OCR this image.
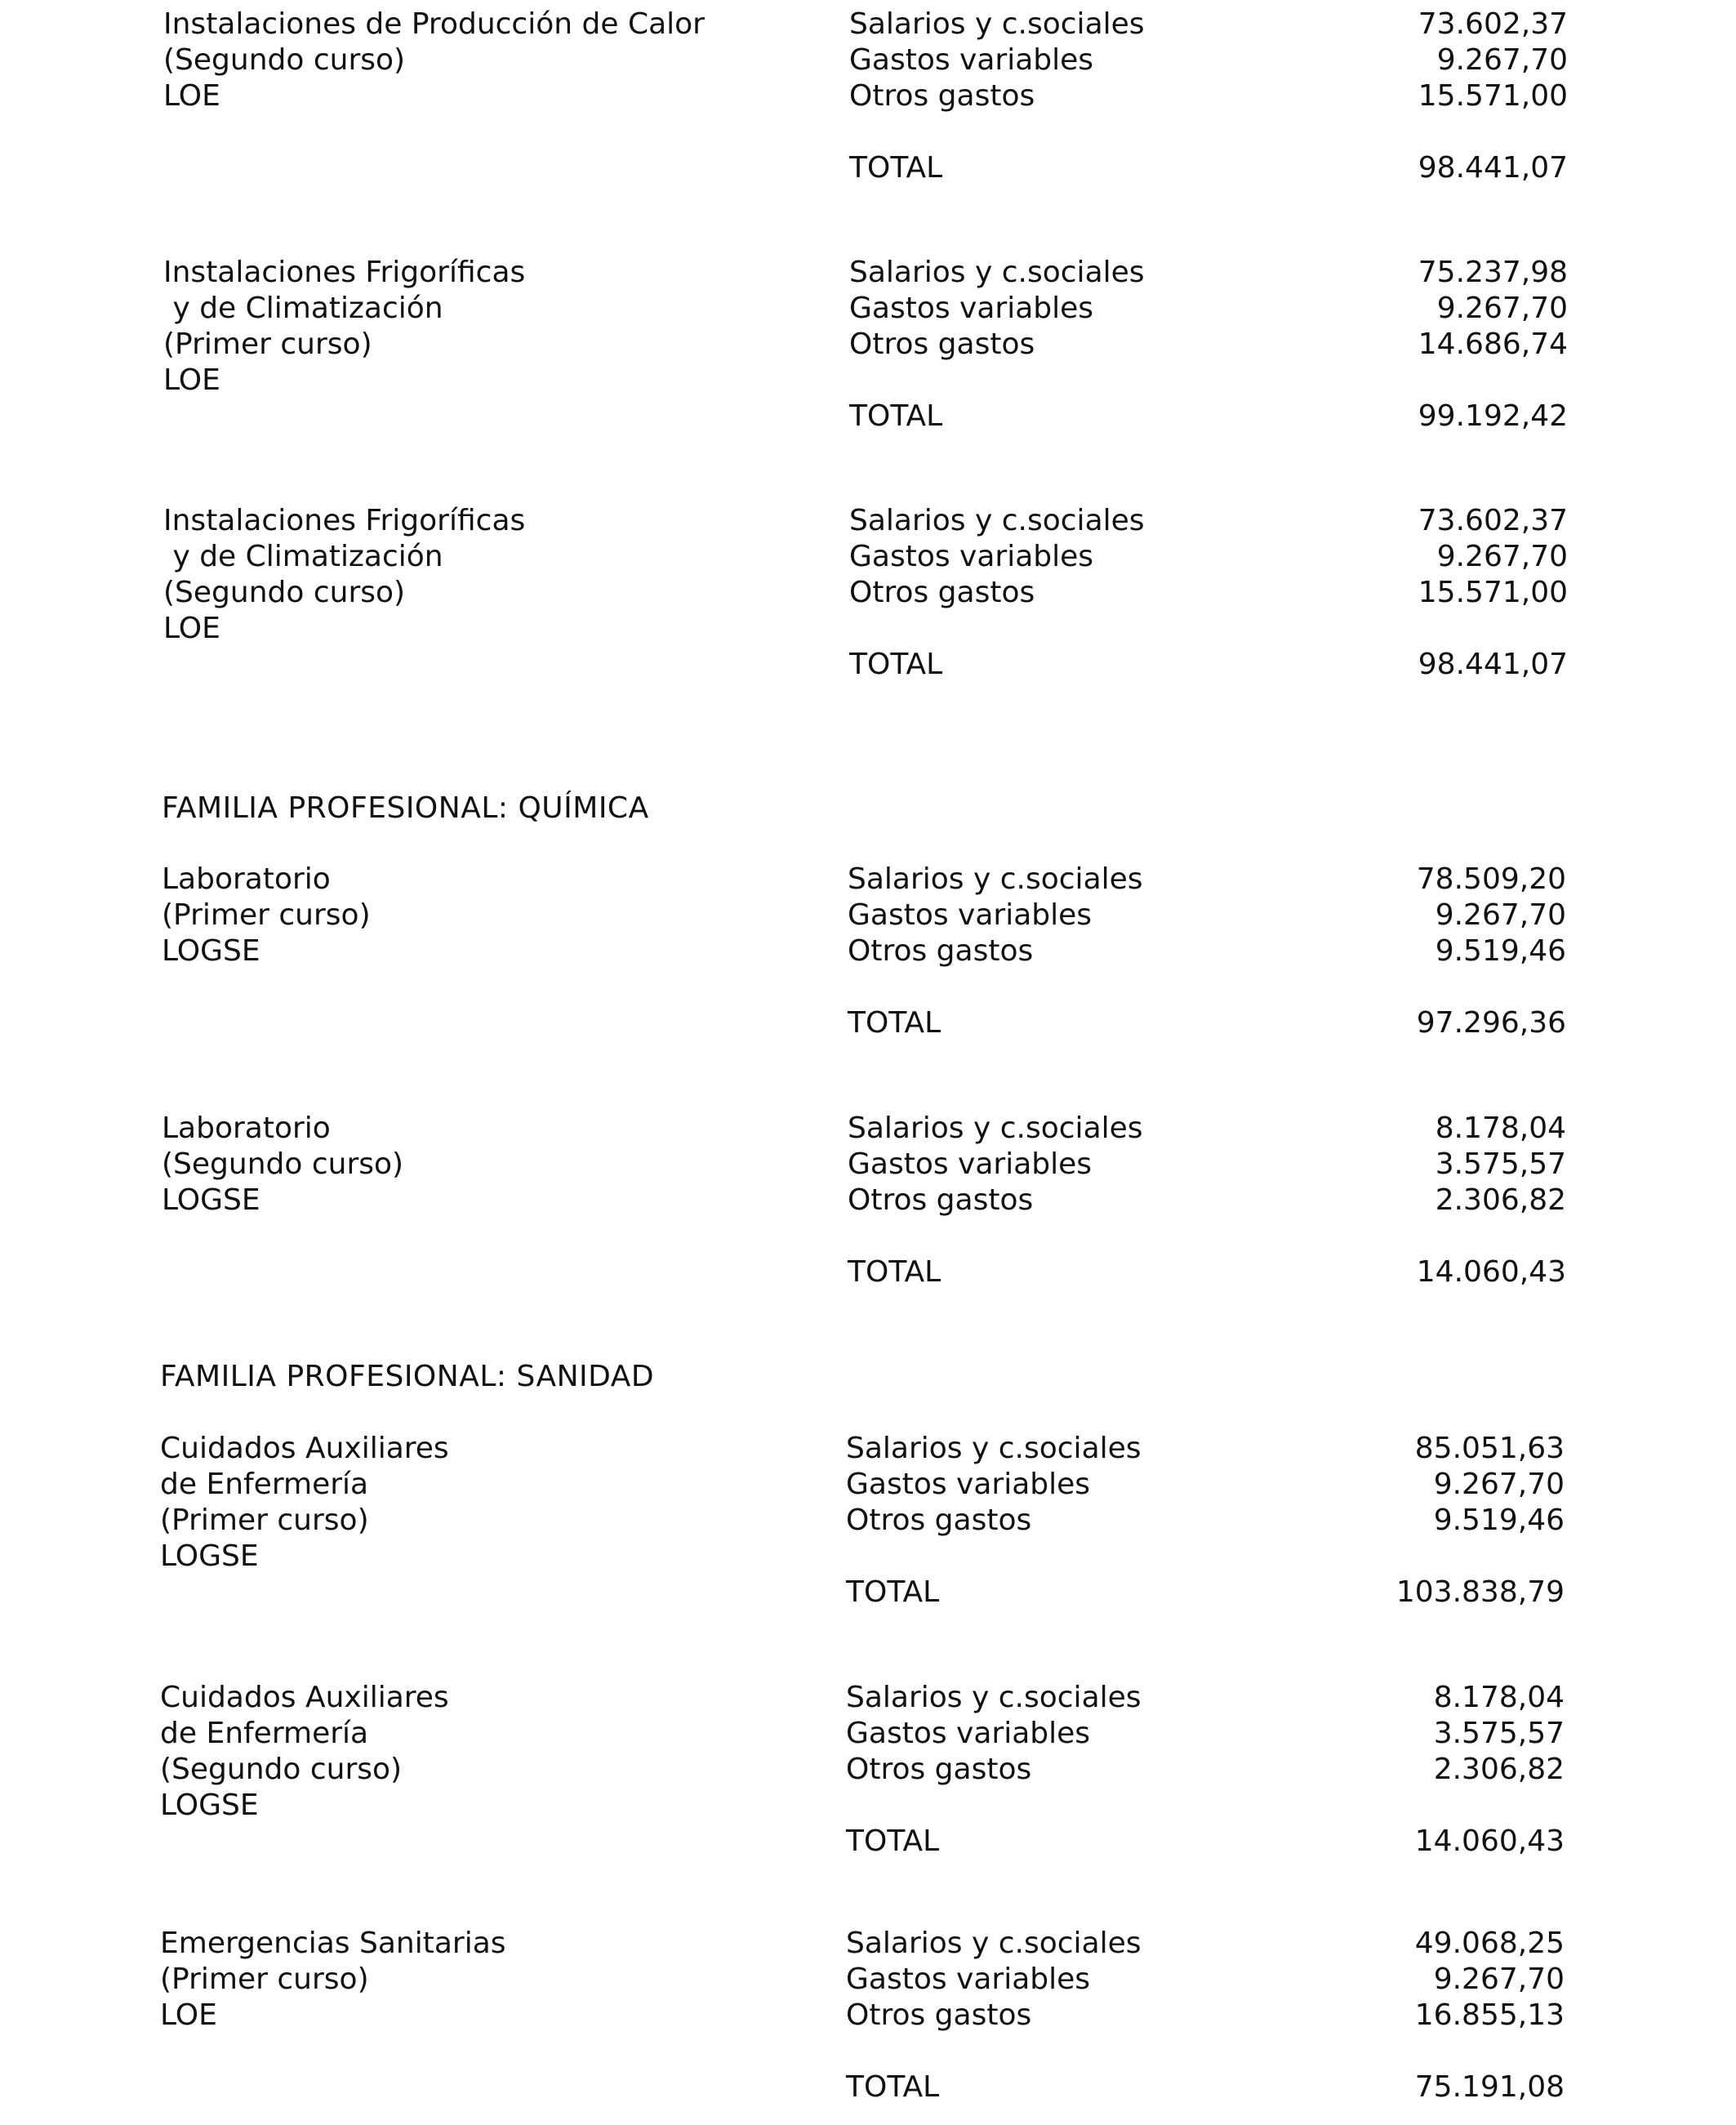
Instalaciones de Producción de Calor
(Segundo curso)
LOE
Salarios y c.sociales	73.602,37
Gastos variables	9.267,70
Otros gastos	15.571,00
TOTAL	98.441,07
Instalaciones Frigoríficas
y de Climatización
(Primer curso)
LOE
Salarios y c.sociales	75.237,98
Gastos variables	9.267,70
Otros gastos	14.686,74
TOTAL	99.192,42
Instalaciones Frigoríficas
y de Climatización
(Segundo curso)
LOE
Salarios y c.sociales	73.602,37
Gastos variables	9.267,70
Otros gastos	15.571,00
TOTAL	98.441,07
FAMILIA PROFESIONAL: QUÍMICA
Laboratorio
(Primer curso)
LOGSE
Salarios y c.sociales	78.509,20
Gastos variables	9.267,70
Otros gastos	9.519,46
TOTAL	97.296,36
Laboratorio
(Segundo curso)
LOGSE
Salarios y c.sociales	8.178,04
Gastos variables	3.575,57
Otros gastos	2.306,82
TOTAL	14.060,43
FAMILIA PROFESIONAL: SANIDAD
Cuidados Auxiliares
de Enfermería
(Primer curso)
LOGSE
Salarios y c.sociales	85.051,63
Gastos variables	9.267,70
Otros gastos	9.519,46
TOTAL	103.838,79
Cuidados Auxiliares
de Enfermería
(Segundo curso)
LOGSE
Salarios y c.sociales	8.178,04
Gastos variables	3.575,57
Otros gastos	2.306,82
TOTAL	14.060,43
Emergencias Sanitarias
(Primer curso)
LOE
Salarios y c.sociales	49.068,25
Gastos variables	9.267,70
Otros gastos	16.855,13
TOTAL	75.191,08
